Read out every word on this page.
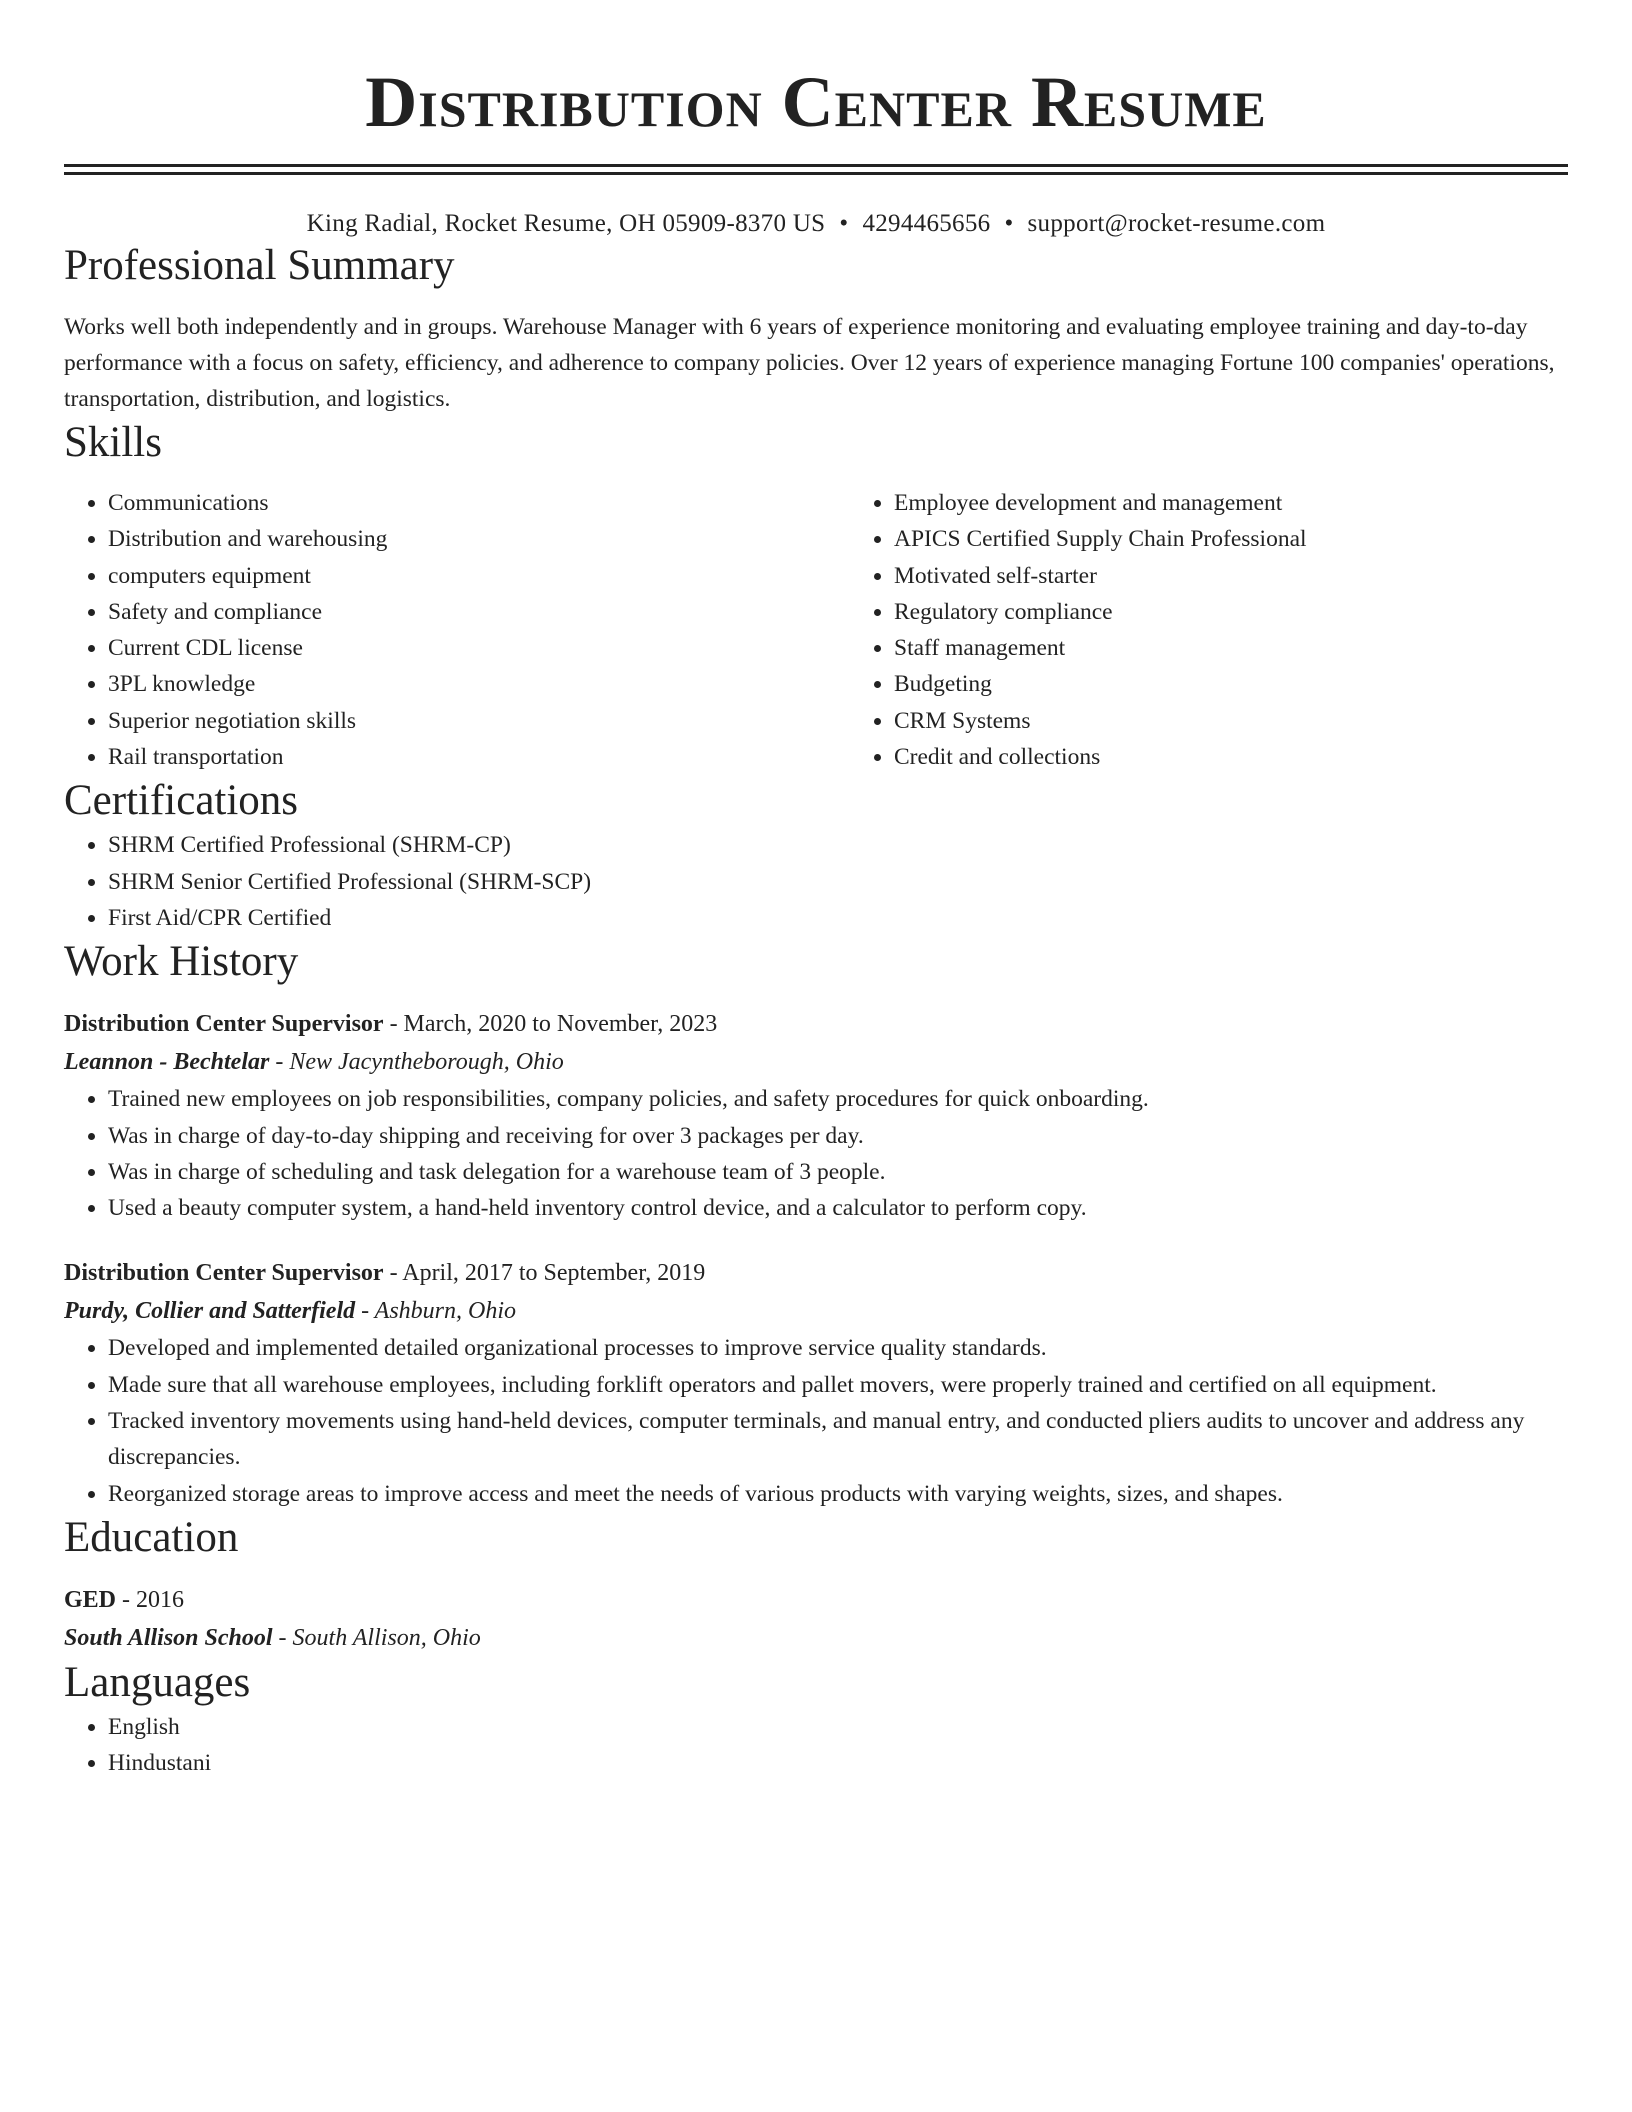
Distribution Center Resume
King Radial, Rocket Resume, OH 05909-8370 US • 4294465656 • support@rocket-resume.com
Professional Summary

Works well both independently and in groups. Warehouse Manager with 6 years of experience monitoring and evaluating employee training and day-to-day performance with a focus on safety, efficiency, and adherence to company policies. Over 12 years of experience managing Fortune 100 companies' operations, transportation, distribution, and logistics.

Skills
• Communications
• Distribution and warehousing
• computers equipment
• Safety and compliance
• Current CDL license
• 3PL knowledge
• Superior negotiation skills
• Rail transportation
• Employee development and management
• APICS Certified Supply Chain Professional
• Motivated self-starter
• Regulatory compliance
• Staff management
• Budgeting
• CRM Systems
• Credit and collections
Certifications
• SHRM Certified Professional (SHRM-CP)
• SHRM Senior Certified Professional (SHRM-SCP)
• First Aid/CPR Certified
Work History
Distribution Center Supervisor - March, 2020 to November, 2023
Leannon - Bechtelar - New Jacyntheborough, Ohio
• Trained new employees on job responsibilities, company policies, and safety procedures for quick onboarding.
• Was in charge of day-to-day shipping and receiving for over 3 packages per day.
• Was in charge of scheduling and task delegation for a warehouse team of 3 people.
• Used a beauty computer system, a hand-held inventory control device, and a calculator to perform copy.
Distribution Center Supervisor - April, 2017 to September, 2019
Purdy, Collier and Satterfield - Ashburn, Ohio
• Developed and implemented detailed organizational processes to improve service quality standards.
• Made sure that all warehouse employees, including forklift operators and pallet movers, were properly trained and certified on all equipment.
• Tracked inventory movements using hand-held devices, computer terminals, and manual entry, and conducted pliers audits to uncover and address any discrepancies.
• Reorganized storage areas to improve access and meet the needs of various products with varying weights, sizes, and shapes.
Education
GED - 2016
South Allison School - South Allison, Ohio
Languages
• English
• Hindustani
